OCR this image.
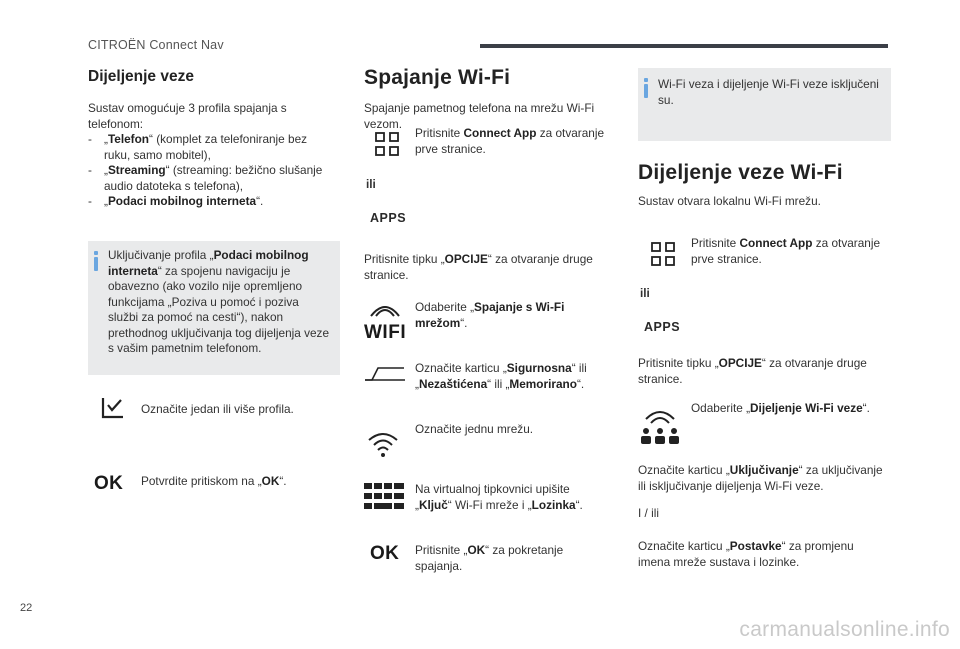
CITROËN Connect Nav
Dijeljenje veze
Sustav omogućuje 3 profila spajanja s
telefonom:
- „Telefon“ (komplet za telefoniranje bez
ruku, samo mobitel),
- „Streaming“ (streaming: bežično slušanje
audio datoteka s telefona),
- „Podaci mobilnog interneta“.
Uključivanje profila „Podaci mobilnog
interneta“ za spojenu navigaciju je
obavezno (ako vozilo nije opremljeno
funkcijama „Poziva u pomoć i poziva
službi za pomoć na cesti“), nakon
prethodnog uključivanja tog dijeljenja veze
s vašim pametnim telefonom.
Označite jedan ili više profila.
OK Potvrdite pritiskom na „OK“.
Spajanje Wi-Fi
Spajanje pametnog telefona na mrežu Wi-Fi
vezom.
Pritisnite Connect App za otvaranje
prve stranice.
ili
APPS
Pritisnite tipku „OPCIJE“ za otvaranje druge
stranice.
WIFI
Odaberite „Spajanje s Wi-Fi
mrežom“.
Označite karticu „Sigurnosna“ ili
„Nezaštićena“ ili „Memorirano“.
Označite jednu mrežu.
Na virtualnoj tipkovnici upišite
„Ključ“ Wi-Fi mreže i „Lozinka“.
OK Pritisnite „OK“ za pokretanje
spajanja.
Wi-Fi veza i dijeljenje Wi-Fi veze isključeni
su.
Dijeljenje veze Wi-Fi
Sustav otvara lokalnu Wi-Fi mrežu.
Pritisnite Connect App za otvaranje
prve stranice.
ili
APPS
Pritisnite tipku „OPCIJE“ za otvaranje druge
stranice.
Odaberite „Dijeljenje Wi-Fi veze“.
Označite karticu „Uključivanje“ za uključivanje
ili isključivanje dijeljenja Wi-Fi veze.
I / ili
Označite karticu „Postavke“ za promjenu
imena mreže sustava i lozinke.
22
carmanualsonline.info
